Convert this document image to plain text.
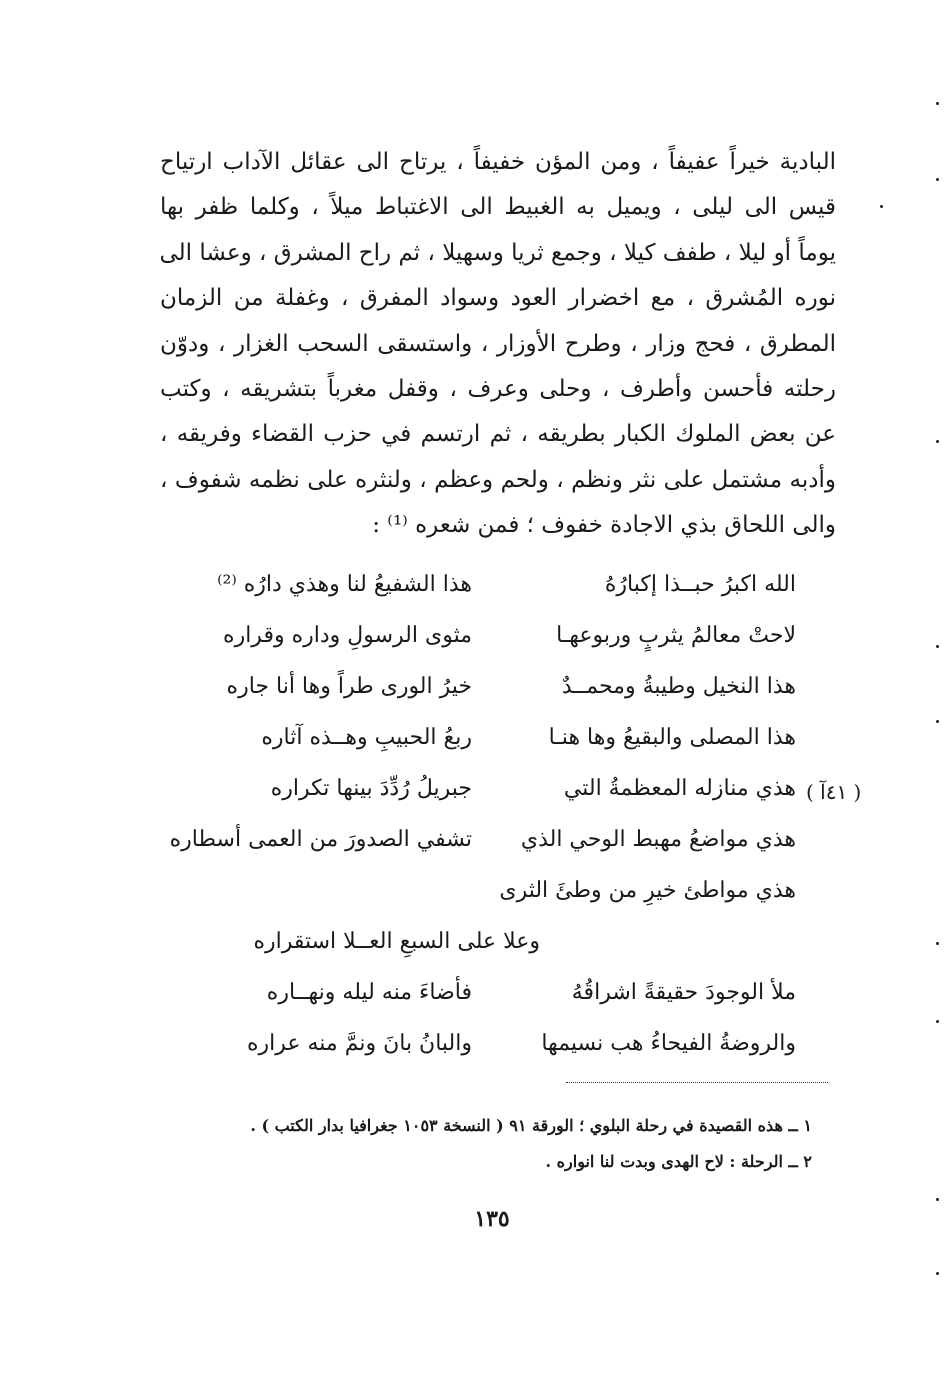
البادية خيراً عفيفاً ، ومن المؤن خفيفاً ، يرتاح الى عقائل الآداب ارتياح
قيس الى ليلى ، ويميل به الغبيط الى الاغتباط ميلاً ، وكلما ظفر بها
يوماً أو ليلا ، طفف كيلا ، وجمع ثريا وسهيلا ، ثم راح المشرق ، وعشا الى
نوره المُشرق ، مع اخضرار العود وسواد المفرق ، وغفلة من الزمان
المطرق ، فحج وزار ، وطرح الأوزار ، واستسقى السحب الغزار ، ودوّن
رحلته فأحسن وأطرف ، وحلى وعرف ، وقفل مغرباً بتشريقه ، وكتب
عن بعض الملوك الكبار بطريقه ، ثم ارتسم في حزب القضاء وفريقه ،
وأدبه مشتمل على نثر ونظم ، ولحم وعظم ، ولنثره على نظمه شفوف ،
والى اللحاق بذي الاجادة خفوف ؛ فمن شعره ⁽¹⁾ :
الله اكبرُ حبــذا إكبارُهُ
هذا الشفيعُ لنا وهذي دارُه ⁽²⁾
لاحتْ معالمُ يثربٍ وربوعهـا
مثوى الرسولِ وداره وقراره
هذا النخيل وطيبةُ ومحمــدٌ
خيرُ الورى طراً وها أنا جاره
هذا المصلى والبقيعُ وها هنـا
ربعُ الحبيبِ وهــذه آثاره
هذي منازله المعظمةُ التي
جبريلُ رُدِّدَ بينها تكراره
هذي مواضعُ مهبط الوحي الذي
تشفي الصدورَ من العمى أسطاره
هذي مواطئ خيرِ من وطئَ الثرى
وعلا على السبعِ العــلا استقراره
ملأ الوجودَ حقيقةً اشراقُهُ
فأضاءَ منه ليله ونهــاره
والروضةُ الفيحاءُ هب نسيمها
والبانُ بانَ ونمَّ منه عراره
( ٤١آ )
١ ــ هذه القصيدة في رحلة البلوي ؛ الورقة ٩١ ( النسخة ١٠٥٣ جغرافيا بدار الكتب ) .
٢ ــ الرحلة : لاح الهدى وبدت لنا انواره .
١٣٥
